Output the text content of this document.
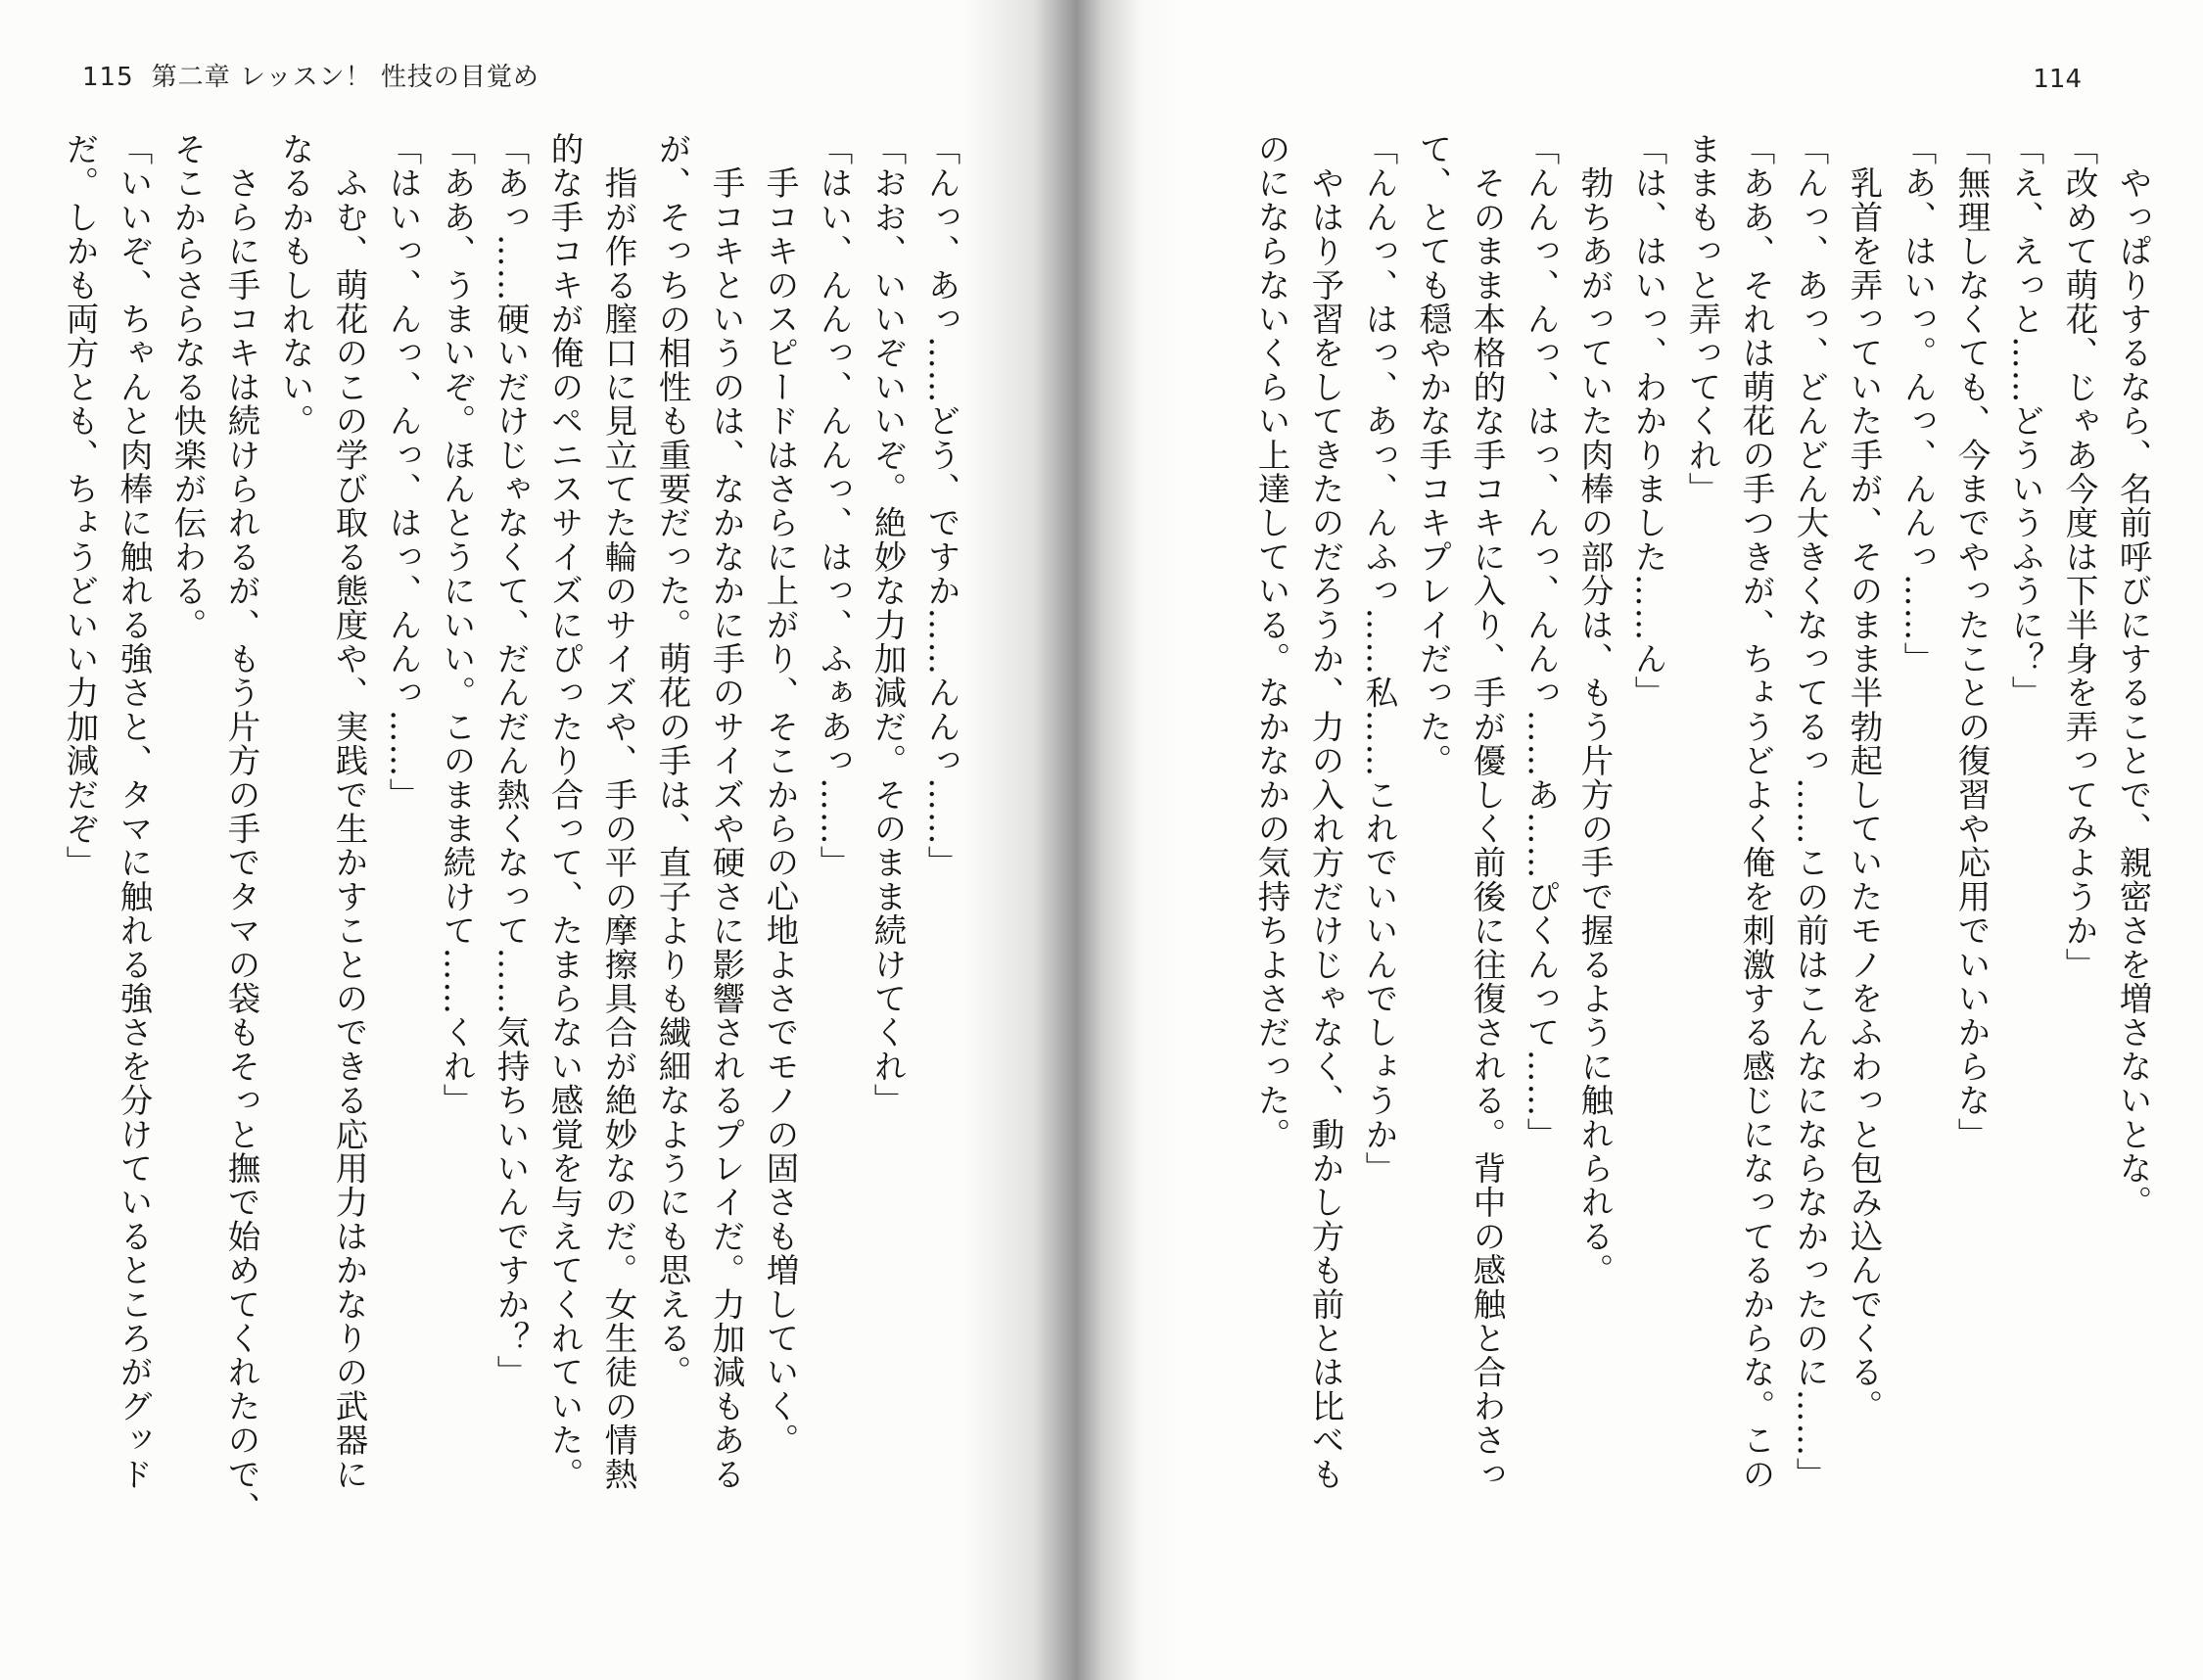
115 第二章 レッスン！ 性技の目覚め
「んっ、あっ……どう、ですか……んんっ……」
「おお、いいぞいいぞ。絶妙な力加減だ。そのまま続けてくれ」
「はい、んんっ、んんっ、はっ、ふぁあっ……」
　手コキのスピードはさらに上がり、そこからの心地よさでモノの固さも増していく。
　手コキというのは、なかなかに手のサイズや硬さに影響されるプレイだ。力加減もある
が、そっちの相性も重要だった。萌花の手は、直子よりも繊細なようにも思える。
　指が作る膣口に見立てた輪のサイズや、手の平の摩擦具合が絶妙なのだ。女生徒の情熱
的な手コキが俺のペニスサイズにぴったり合って、たまらない感覚を与えてくれていた。
「あっ……硬いだけじゃなくて、だんだん熱くなって……気持ちいいんですか？」
「ああ、うまいぞ。ほんとうにいい。このまま続けて……くれ」
「はいっ、んっ、んっ、はっ、んんっ……」
　ふむ、萌花のこの学び取る態度や、実践で生かすことのできる応用力はかなりの武器に
なるかもしれない。
　さらに手コキは続けられるが、もう片方の手でタマの袋もそっと撫で始めてくれたので、
そこからさらなる快楽が伝わる。
「いいぞ、ちゃんと肉棒に触れる強さと、タマに触れる強さを分けているところがグッド
だ。しかも両方とも、ちょうどいい力加減だぞ」
114
　やっぱりするなら、名前呼びにすることで、親密さを増さないとな。
「改めて萌花、じゃあ今度は下半身を弄ってみようか」
「え、えっと……どういうふうに？」
「無理しなくても、今までやったことの復習や応用でいいからな」
「あ、はいっ。んっ、んんっ……」
　乳首を弄っていた手が、そのまま半勃起していたモノをふわっと包み込んでくる。
「んっ、あっ、どんどん大きくなってるっ……この前はこんなにならなかったのに……」
「ああ、それは萌花の手つきが、ちょうどよく俺を刺激する感じになってるからな。この
ままもっと弄ってくれ」
「は、はいっ、わかりました……ん」
　勃ちあがっていた肉棒の部分は、もう片方の手で握るように触れられる。
「んんっ、んっ、はっ、んっ、んんっ……あ……ぴくんって……」
　そのまま本格的な手コキに入り、手が優しく前後に往復される。背中の感触と合わさっ
て、とても穏やかな手コキプレイだった。
「んんっ、はっ、あっ、んふっ……私……これでいいんでしょうか」
　やはり予習をしてきたのだろうか、力の入れ方だけじゃなく、動かし方も前とは比べも
のにならないくらい上達している。なかなかの気持ちよさだった。
